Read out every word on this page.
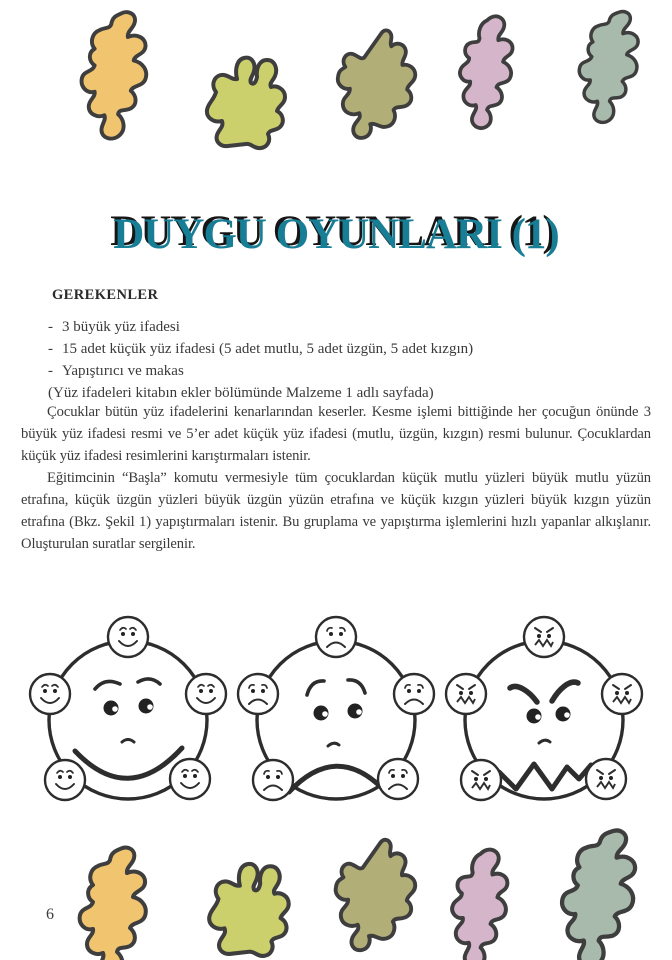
DUYGU OYUNLARI (1)
GEREKENLER
- 3 büyük yüz ifadesi
- 15 adet küçük yüz ifadesi (5 adet mutlu, 5 adet üzgün, 5 adet kızgın)
- Yapıştırıcı ve makas
(Yüz ifadeleri kitabın ekler bölümünde Malzeme 1 adlı sayfada)

Çocuklar bütün yüz ifadelerini kenarlarından keserler. Kesme işlemi bittiğinde her çocuğun önünde 3 büyük yüz ifadesi resmi ve 5’er adet küçük yüz ifadesi (mutlu, üzgün, kızgın) resmi bulunur. Çocuklardan küçük yüz ifadesi resimlerini karıştırmaları istenir.

Eğitimcinin “Başla” komutu vermesiyle tüm çocuklardan küçük mutlu yüzleri büyük mutlu yüzün etrafına, küçük üzgün yüzleri büyük üzgün yüzün etrafına ve küçük kızgın yüzleri büyük kızgın yüzün etrafına (Bkz. Şekil 1) yapıştırmaları istenir. Bu gruplama ve yapıştırma işlemlerini hızlı yapanlar alkışlanır. Oluşturulan suratlar sergilenir.

6
